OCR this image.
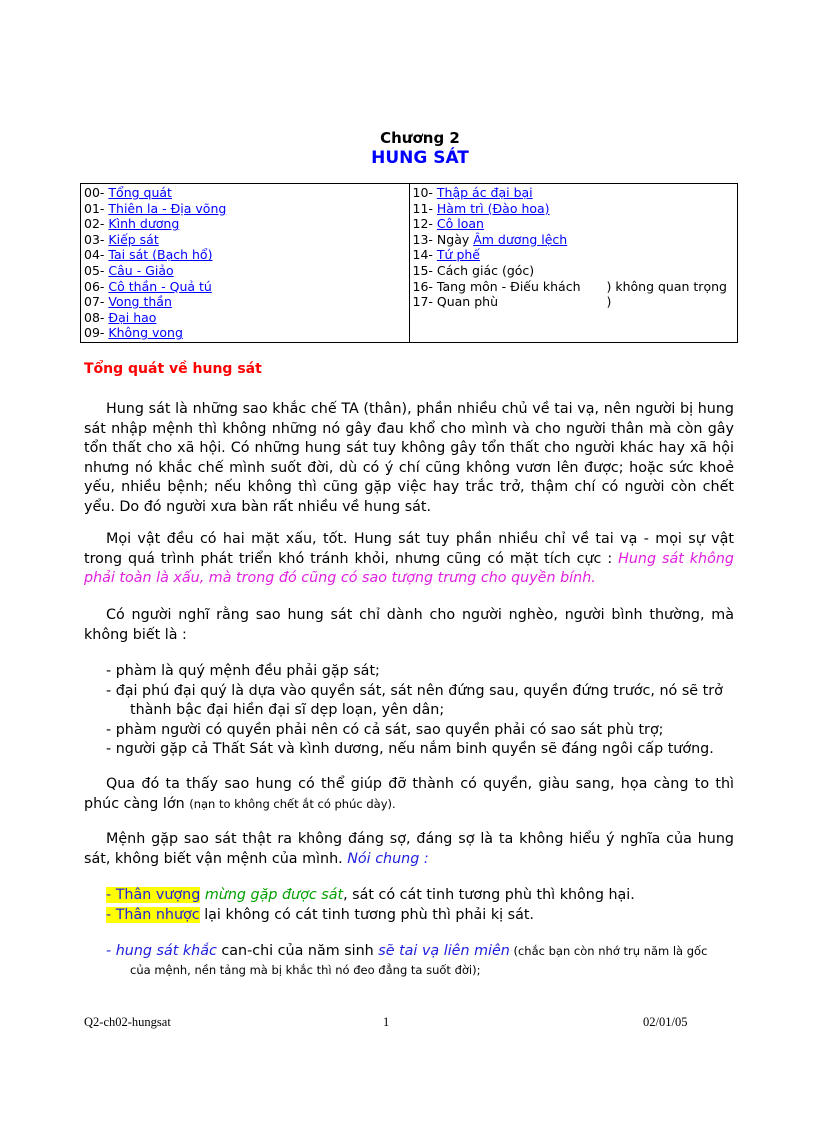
Chương 2
HUNG SÁT
00- Tổng quát
01- Thiên la - Địa võng
02- Kình dương
03- Kiếp sát
04- Tai sát (Bạch hổ)
05- Câu - Giảo
06- Cô thần - Quả tú
07- Vong thần
08- Đại hao
09- Không vong

10- Thập ác đại bại
11- Hàm trì (Đào hoa)
12- Cô loan
13- Ngày Âm dương lệch
14- Tứ phế
15- Cách giác (góc)
16- Tang môn - Điếu khách ) không quan trọng
17- Quan phù	)
Tổng quát về hung sát
Hung sát là những sao khắc chế TA (thân), phần nhiều chủ về tai vạ, nên người bị hung sát nhập mệnh thì không những nó gây đau khổ cho mình và cho người thân mà còn gây tổn thất cho xã hội. Có những hung sát tuy không gây tổn thất cho người khác hay xã hội nhưng nó khắc chế mình suốt đời, dù có ý chí cũng không vươn lên được; hoặc sức khoẻ yếu, nhiều bệnh; nếu không thì cũng gặp việc hay trắc trở, thậm chí có người còn chết yểu. Do đó người xưa bàn rất nhiều về hung sát.
Mọi vật đều có hai mặt xấu, tốt. Hung sát tuy phần nhiều chỉ về tai vạ - mọi sự vật trong quá trình phát triển khó tránh khỏi, nhưng cũng có mặt tích cực : Hung sát không phải toàn là xấu, mà trong đó cũng có sao tượng trưng cho quyền bính.
Có người nghĩ rằng sao hung sát chỉ dành cho người nghèo, người bình thường, mà không biết là :
- phàm là quý mệnh đều phải gặp sát;
- đại phú đại quý là dựa vào quyền sát, sát nên đứng sau, quyền đứng trước, nó sẽ trở
thành bậc đại hiền đại sĩ dẹp loạn, yên dân;
- phàm người có quyền phải nên có cả sát, sao quyền phải có sao sát phù trợ;
- người gặp cả Thất Sát và kình dương, nếu nắm binh quyền sẽ đáng ngôi cấp tướng.
Qua đó ta thấy sao hung có thể giúp đỡ thành có quyền, giàu sang, họa càng to thì phúc càng lớn (nạn to không chết ắt có phúc dày).
Mệnh gặp sao sát thật ra không đáng sợ, đáng sợ là ta không hiểu ý nghĩa của hung sát, không biết vận mệnh của mình. Nói chung :
- Thân vượng mừng gặp được sát, sát có cát tinh tương phù thì không hại.
- Thân nhược lại không có cát tinh tương phù thì phải kị sát.
- hung sát khắc can-chi của năm sinh sẽ tai vạ liên miên (chắc bạn còn nhớ trụ năm là gốc
của mệnh, nền tảng mà bị khắc thì nó đeo đẳng ta suốt đời);
Q2-ch02-hungsat	1	02/01/05
